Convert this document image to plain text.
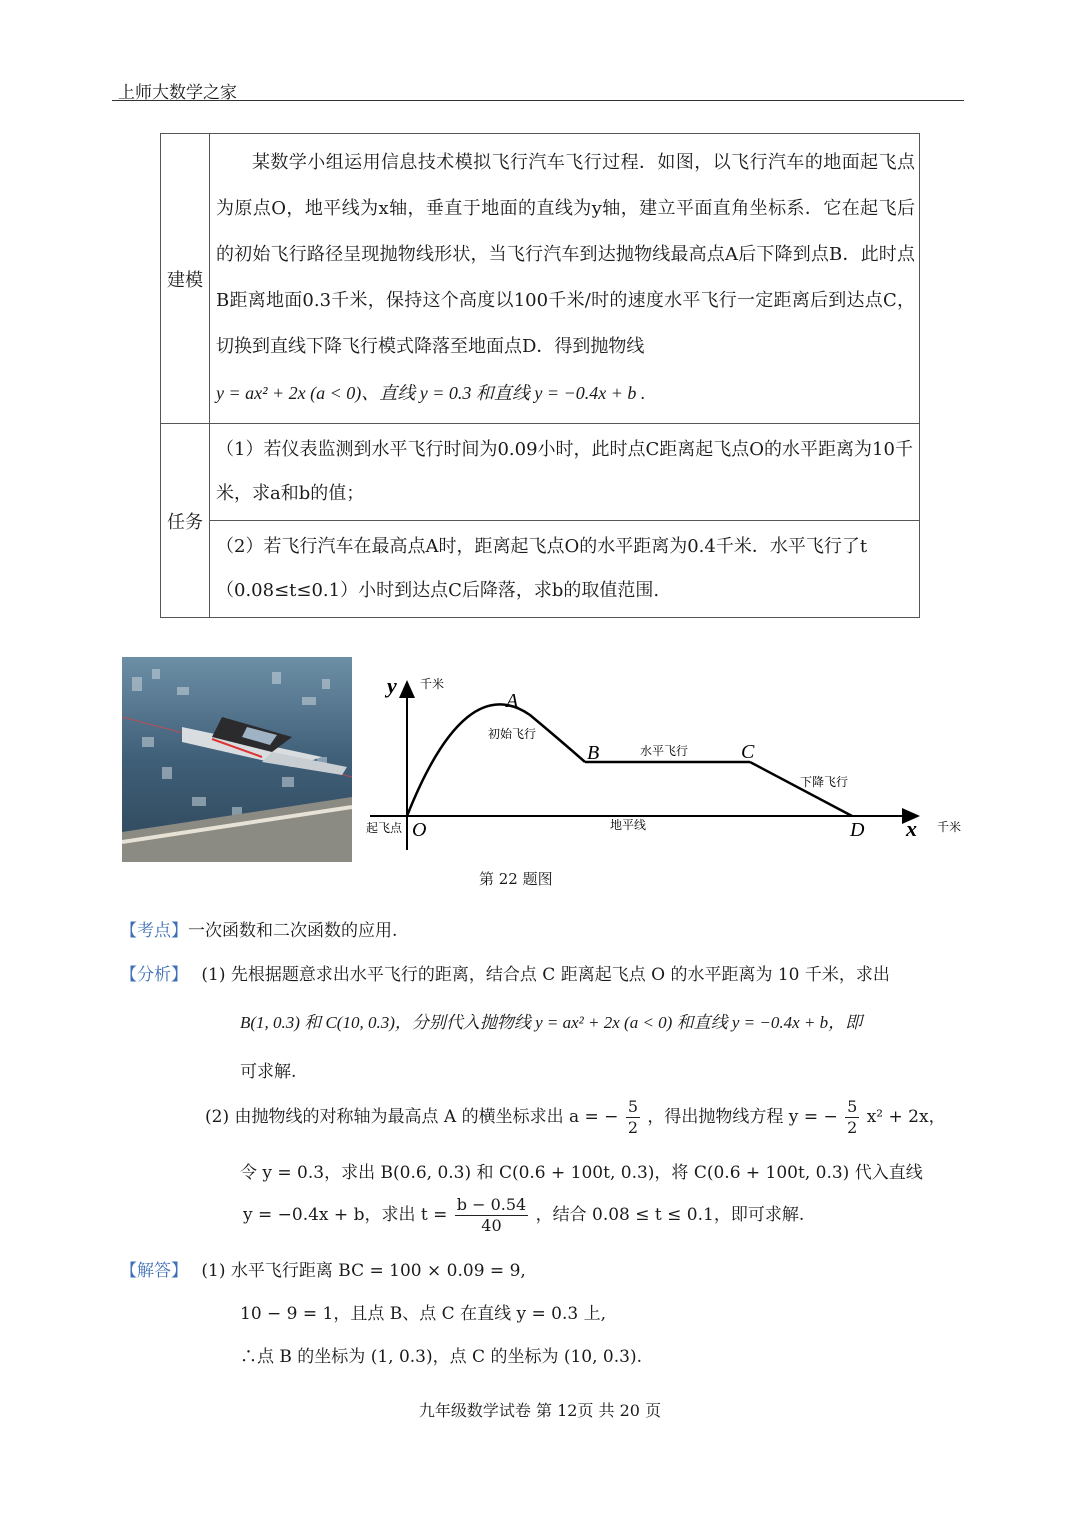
上师大数学之家
建模	某数学小组运用信息技术模拟飞行汽车飞行过程．如图，以飞行汽车的地面起飞点为原点O，地平线为x轴，垂直于地面的直线为y轴，建立平面直角坐标系．它在起飞后的初始飞行路径呈现抛物线形状，当飞行汽车到达抛物线最高点A后下降到点B．此时点B距离地面0.3千米，保持这个高度以100千米/时的速度水平飞行一定距离后到达点C，切换到直线下降飞行模式降落至地面点D．得到抛物线
y = ax² + 2x (a < 0)、直线 y = 0.3 和直线 y = −0.4x + b .

任务	（1）若仪表监测到水平飞行时间为0.09小时，此时点C距离起飞点O的水平距离为10千米，求a和b的值；

	（2）若飞行汽车在最高点A时，距离起飞点O的水平距离为0.4千米．水平飞行了t（0.08≤t≤0.1）小时到达点C后降落，求b的取值范围.
y 千米
A
初始飞行
B	水平飞行	C
下降飞行
起飞点 O	地平线	D x 千米
第 22 题图
【考点】一次函数和二次函数的应用.
【分析】 (1) 先根据题意求出水平飞行的距离，结合点 C 距离起飞点 O 的水平距离为 10 千米，求出
B(1, 0.3) 和 C(10, 0.3)，分别代入抛物线 y = ax² + 2x (a < 0) 和直线 y = −0.4x + b，即
可求解.
(2) 由抛物线的对称轴为最高点 A 的横坐标求出 a = − $\frac{5}{2}$ ，得出抛物线方程 y = − $\frac{5}{2} x^2 + 2x$，
令 y = 0.3，求出 B(0.6, 0.3) 和 C(0.6 + 100t, 0.3)，将 C(0.6 + 100t, 0.3) 代入直线
y = −0.4x + b，求出 $t = \frac{b - 0.54}{40}$ ，结合 0.08 ≤ t ≤ 0.1，即可求解.
【解答】 (1) 水平飞行距离 BC = 100 × 0.09 = 9,
10 − 9 = 1，且点 B、点 C 在直线 y = 0.3 上,
∴点 B 的坐标为 (1, 0.3)，点 C 的坐标为 (10, 0.3).
九年级数学试卷 第 12页 共 20 页
